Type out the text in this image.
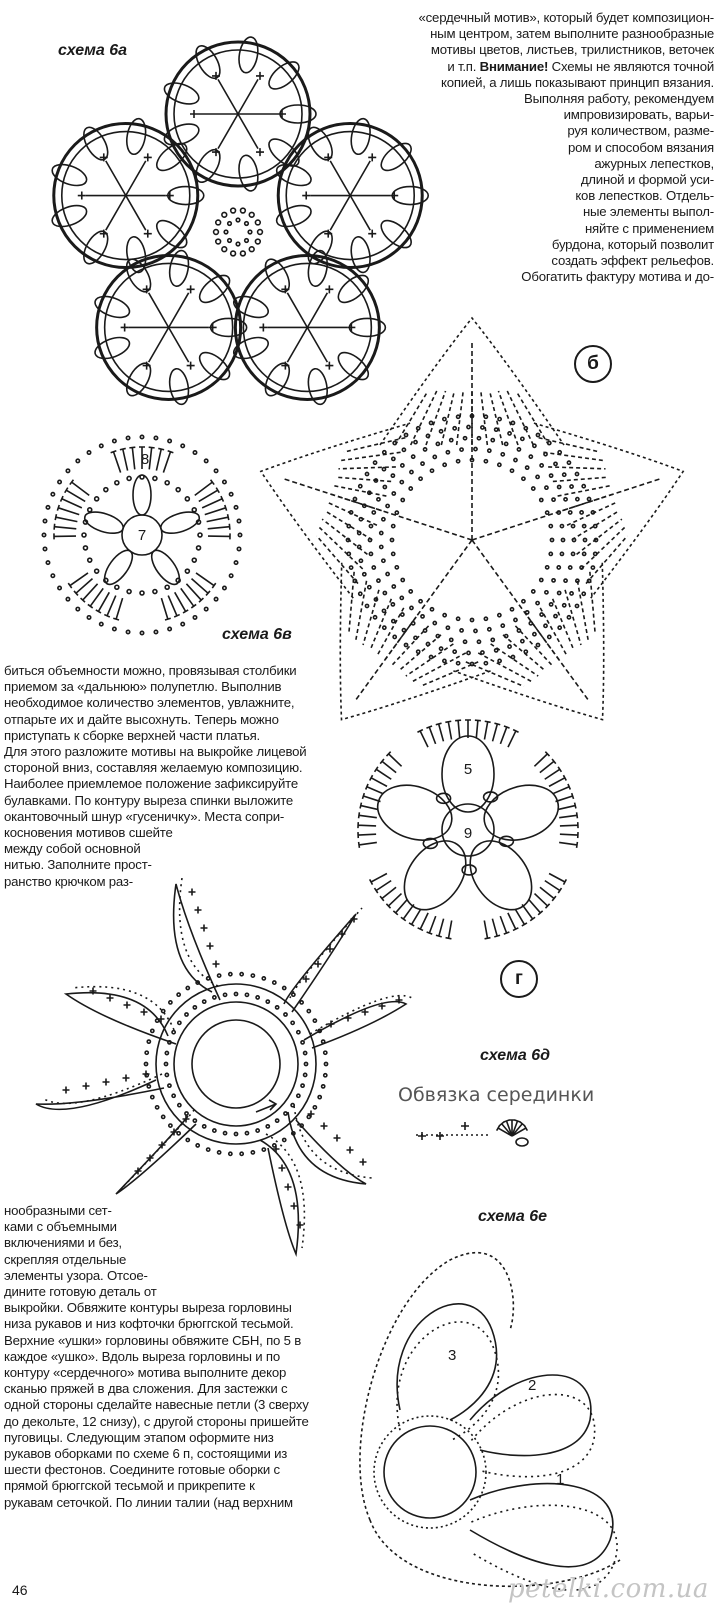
«сердечный мотив», который будет композицион-
ным центром, затем выполните разнообразные
мотивы цветов, листьев, трилистников, веточек
и т.п. Внимание! Схемы не являются точной
копией, а лишь показывают принцип вязания.
Выполняя работу, рекомендуем
импровизировать, варьи-
руя количеством, разме-
ром и способом вязания
ажурных лепестков,
длиной и формой уси-
ков лепестков. Отдель-
ные элементы выпол-
няйте с применением
бурдона, который позволит
создать эффект рельефов.
Обогатить фактуру мотива и до-
схема 6а
б
7
8
схема 6в
биться объемности можно, провязывая столбики
приемом за «дальнюю» полупетлю. Выполнив
необходимое количество элементов, увлажните,
отпарьте их и дайте высохнуть. Теперь можно
приступать к сборке верхней части платья.
Для этого разложите мотивы на выкройке лицевой
стороной вниз, составляя желаемую композицию.
Наиболее приемлемое положение зафиксируйте
булавками. По контуру выреза спинки выложите
окантовочный шнур «гусеничку». Места сопри-
косновения мотивов сшейте
между собой основной
нитью. Заполните прост-
ранство крючком раз-
9
5
г
схема 6д
Обвязка серединки
нообразными сет-
ками с объемными
включениями и без,
скрепляя отдельные
элементы узора. Отсое-
дините готовую деталь от
выкройки. Обвяжите контуры выреза горловины
низа рукавов и низ кофточки брюггской тесьмой.
Верхние «ушки» горловины обвяжите СБН, по 5 в
каждое «ушко». Вдоль выреза горловины и по
контуру «сердечного» мотива выполните декор
сканью пряжей в два сложения. Для застежки с
одной стороны сделайте навесные петли (3 сверху
до декольте, 12 снизу), с другой стороны пришейте
пуговицы. Следующим этапом оформите низ
рукавов оборками по схеме 6 п, состоящими из
шести фестонов. Соедините готовые оборки с
прямой брюггской тесьмой и прикрепите к
рукавам сеточкой. По линии талии (над верхним
схема 6е
3
2
1
46	petelki.com.ua
